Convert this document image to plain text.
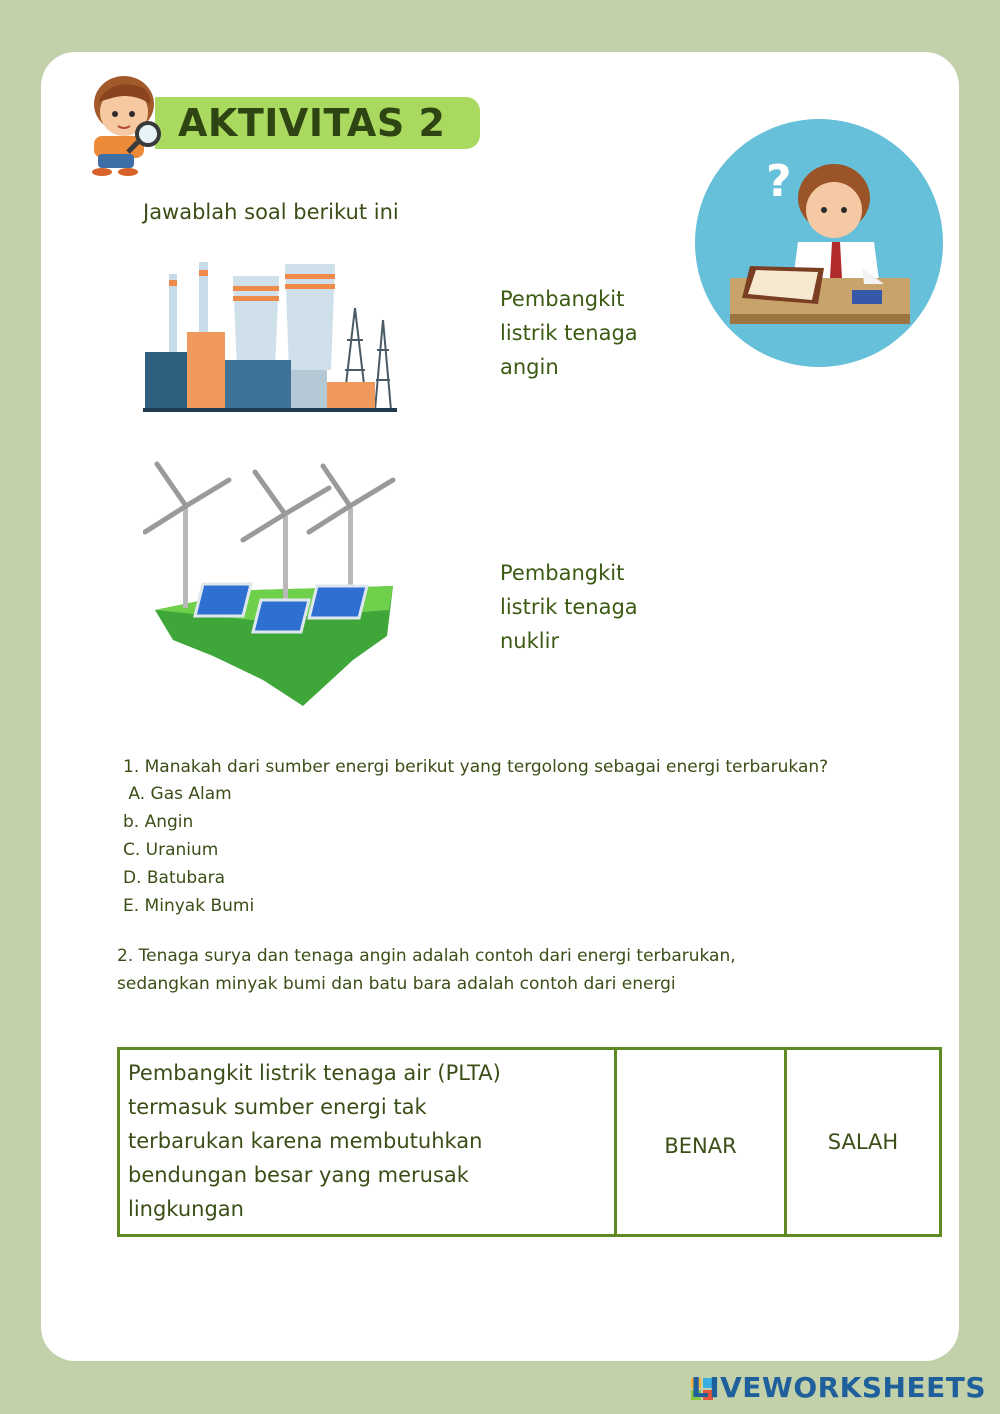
AKTIVITAS 2
?
Jawablah soal berikut ini
Pembangkit
listrik tenaga
angin
Pembangkit
listrik tenaga
nuklir
1. Manakah dari sumber energi berikut yang tergolong sebagai energi terbarukan?
A. Gas Alam
b. Angin
C. Uranium
D. Batubara
E. Minyak Bumi
2. Tenaga surya dan tenaga angin adalah contoh dari energi terbarukan,
sedangkan minyak bumi dan batu bara adalah contoh dari energi
Pembangkit listrik tenaga air (PLTA)
termasuk sumber energi tak
terbarukan karena membutuhkan
bendungan besar yang merusak
lingkungan
BENAR	SALAH
LIVEWORKSHEETS
